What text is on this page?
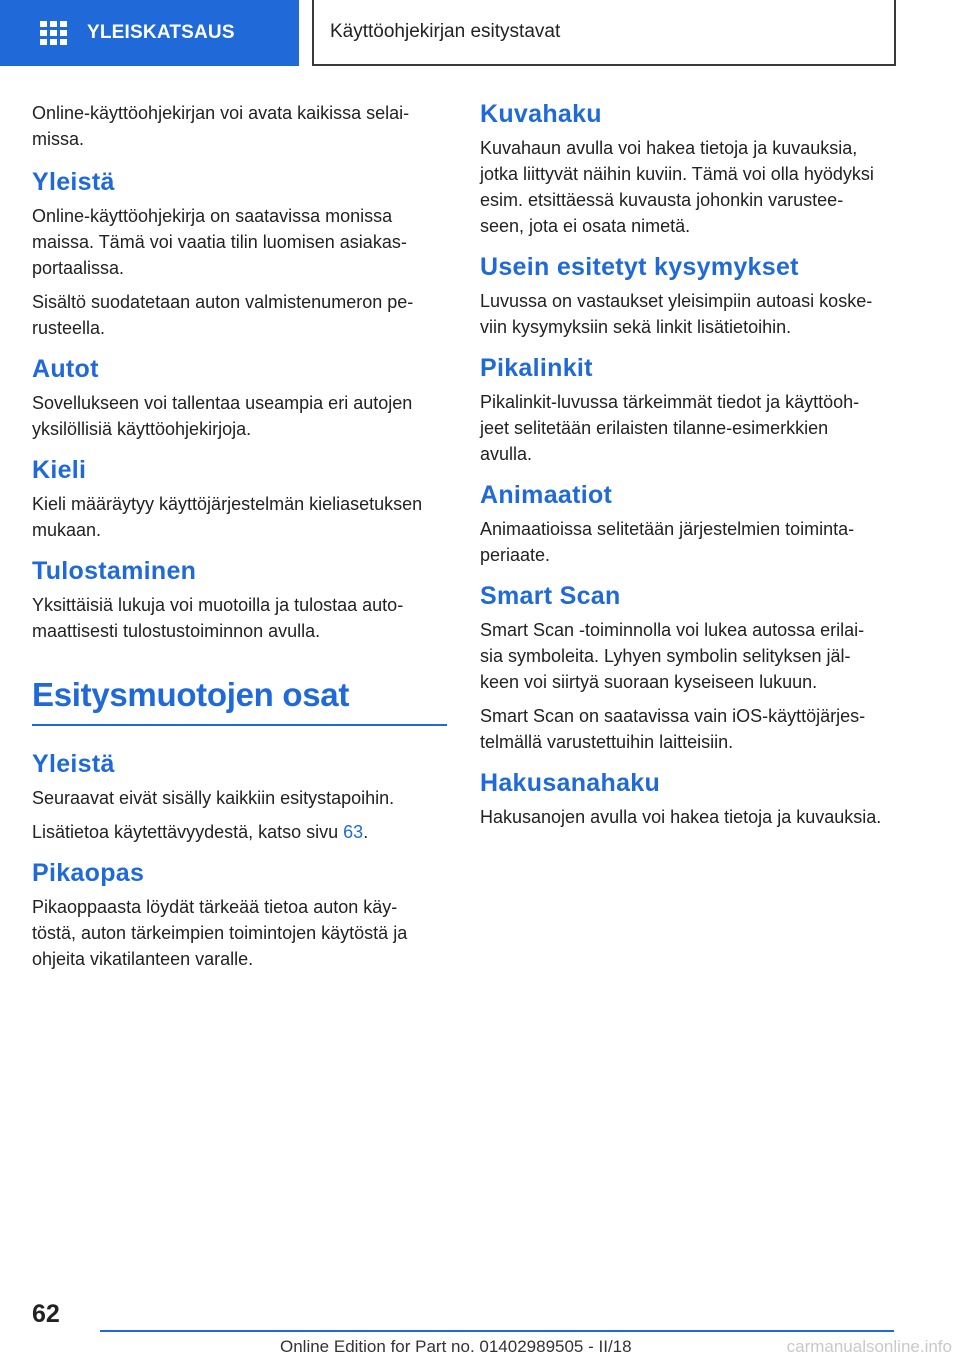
YLEISKATSAUS	Käyttöohjekirjan esitystavat

Online-käyttöohjekirjan voi avata kaikissa selai‐
missa.

Yleistä

Online-käyttöohjekirja on saatavissa monissa
maissa. Tämä voi vaatia tilin luomisen asiakas‐
portaalissa.

Sisältö suodatetaan auton valmistenumeron pe‐
rusteella.

Autot

Sovellukseen voi tallentaa useampia eri autojen
yksilöllisiä käyttöohjekirjoja.

Kieli

Kieli määräytyy käyttöjärjestelmän kieliasetuksen
mukaan.

Tulostaminen

Yksittäisiä lukuja voi muotoilla ja tulostaa auto‐
maattisesti tulostustoiminnon avulla.

Esitysmuotojen osat
Yleistä

Seuraavat eivät sisälly kaikkiin esitystapoihin.

Lisätietoa käytettävyydestä, katso sivu 63.

Pikaopas

Pikaoppaasta löydät tärkeää tietoa auton käy‐
töstä, auton tärkeimpien toimintojen käytöstä ja
ohjeita vikatilanteen varalle.

Kuvahaku

Kuvahaun avulla voi hakea tietoja ja kuvauksia,
jotka liittyvät näihin kuviin. Tämä voi olla hyödyksi
esim. etsittäessä kuvausta johonkin varustee‐
seen, jota ei osata nimetä.

Usein esitetyt kysymykset

Luvussa on vastaukset yleisimpiin autoasi koske‐
viin kysymyksiin sekä linkit lisätietoihin.

Pikalinkit

Pikalinkit-luvussa tärkeimmät tiedot ja käyttöoh‐
jeet selitetään erilaisten tilanne-esimerkkien
avulla.

Animaatiot

Animaatioissa selitetään järjestelmien toiminta‐
periaate.

Smart Scan

Smart Scan -toiminnolla voi lukea autossa erilai‐
sia symboleita. Lyhyen symbolin selityksen jäl‐
keen voi siirtyä suoraan kyseiseen lukuun.

Smart Scan on saatavissa vain iOS-käyttöjärjes‐
telmällä varustettuihin laitteisiin.

Hakusanahaku

Hakusanojen avulla voi hakea tietoja ja kuvauksia.

62
Online Edition for Part no. 01402989505 - II/18	carmanualsonline.info
